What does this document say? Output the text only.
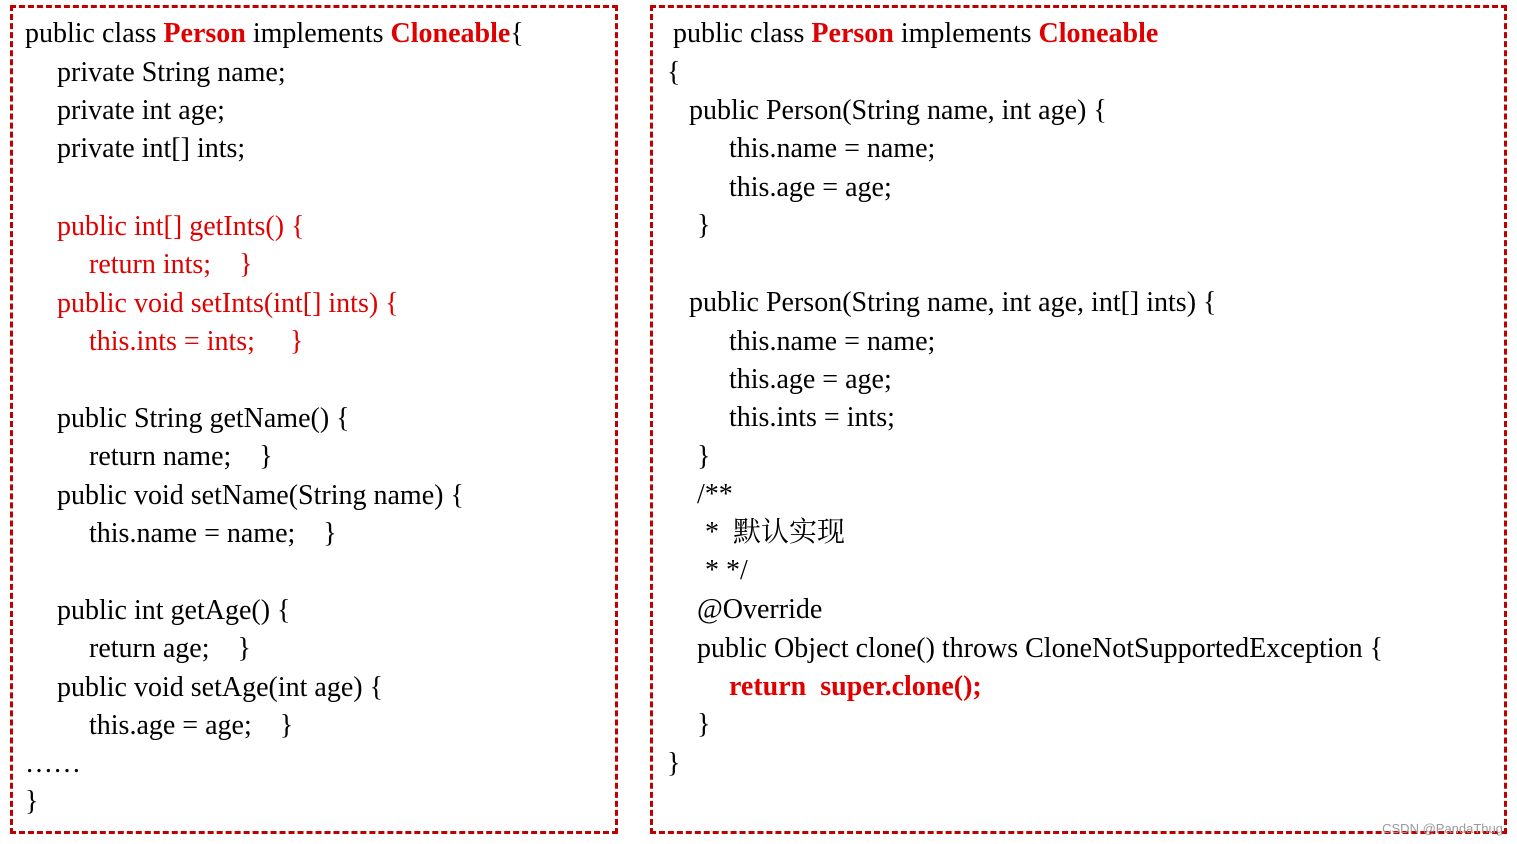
public class Person implements Cloneable{
private String name;
private int age;
private int[] ints;
public int[] getInts() {
return ints;    }
public void setInts(int[] ints) {
this.ints = ints;     }
public String getName() {
return name;    }
public void setName(String name) {
this.name = name;    }
public int getAge() {
return age;    }
public void setAge(int age) {
this.age = age;    }
……
}
public class Person implements Cloneable
{
public Person(String name, int age) {
this.name = name;
this.age = age;
}
public Person(String name, int age, int[] ints) {
this.name = name;
this.age = age;
this.ints = ints;
}
/**
*  默认实现
* */
@Override
public Object clone() throws CloneNotSupportedException {
return  super.clone();
}
}
CSDN @PandaThug
